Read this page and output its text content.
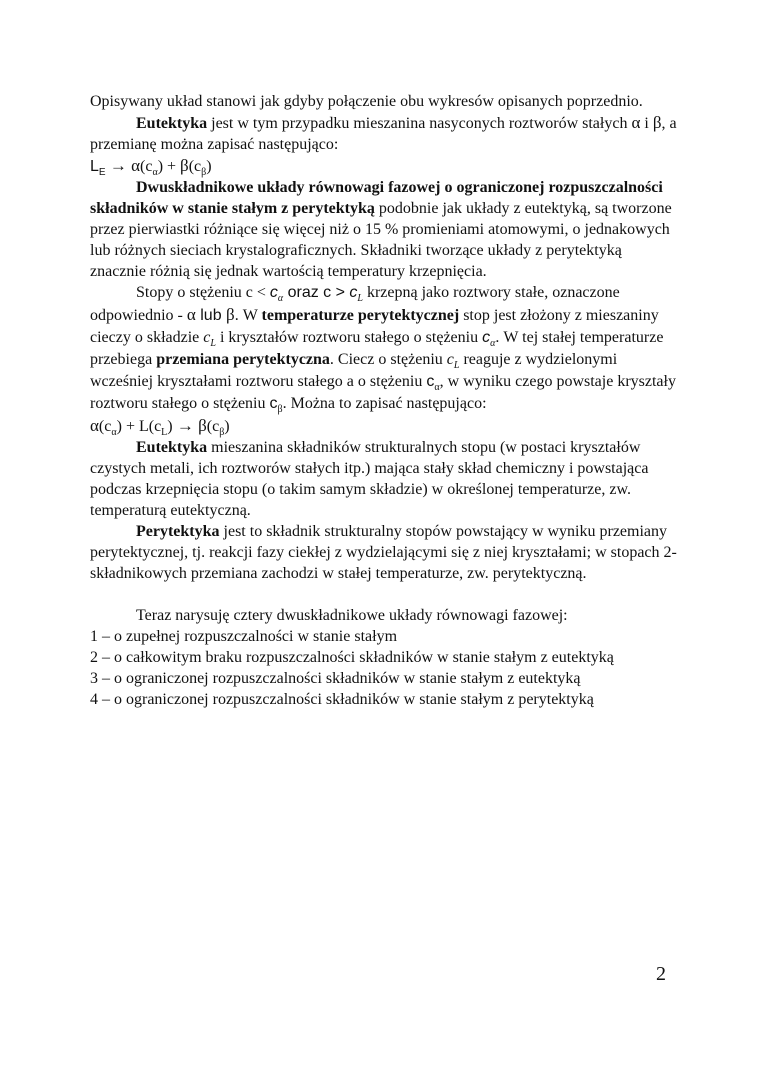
Opisywany układ stanowi jak gdyby połączenie obu wykresów opisanych poprzednio.

Eutektyka jest w tym przypadku mieszanina nasyconych roztworów stałych α i β, a przemianę można zapisać następująco:

$L_E \to \alpha(c_\alpha) + \beta(c_\beta)$

Dwuskładnikowe układy równowagi fazowej o ograniczonej rozpuszczalności składników w stanie stałym z perytektyką podobnie jak układy z eutektyką, są tworzone przez pierwiastki różniące się więcej niż o 15 % promieniami atomowymi, o jednakowych lub różnych sieciach krystalograficznych. Składniki tworzące układy z perytektyką znacznie różnią się jednak wartością temperatury krzepnięcia.

Stopy o stężeniu $c < c_\alpha$ oraz $c > c_L$ krzepną jako roztwory stałe, oznaczone odpowiednio - α lub β. W temperaturze perytektycznej stop jest złożony z mieszaniny cieczy o składzie $c_L$ i kryształów roztworu stałego o stężeniu $c_\alpha$. W tej stałej temperaturze przebiega przemiana perytektyczna. Ciecz o stężeniu $c_L$ reaguje z wydzielonymi wcześniej kryształami roztworu stałego a o stężeniu $c_\alpha$, w wyniku czego powstaje kryształy roztworu stałego o stężeniu $c_\beta$. Można to zapisać następująco:

$\alpha(c_\alpha) + L(c_L) \to \beta(c_\beta)$

Eutektyka mieszanina składników strukturalnych stopu (w postaci kryształów czystych metali, ich roztworów stałych itp.) mająca stały skład chemiczny i powstająca podczas krzepnięcia stopu (o takim samym składzie) w określonej temperaturze, zw. temperaturą eutektyczną.

Perytektyka jest to składnik strukturalny stopów powstający w wyniku przemiany perytektycznej, tj. reakcji fazy ciekłej z wydzielającymi się z niej kryształami; w stopach 2-składnikowych przemiana zachodzi w stałej temperaturze, zw. perytektyczną.

Teraz narysuję cztery dwuskładnikowe układy równowagi fazowej:

1 – o zupełnej rozpuszczalności w stanie stałym

2 – o całkowitym braku rozpuszczalności składników w stanie stałym z eutektyką

3 – o ograniczonej rozpuszczalności składników w stanie stałym z eutektyką

4 – o ograniczonej rozpuszczalności składników w stanie stałym z perytektyką

2
